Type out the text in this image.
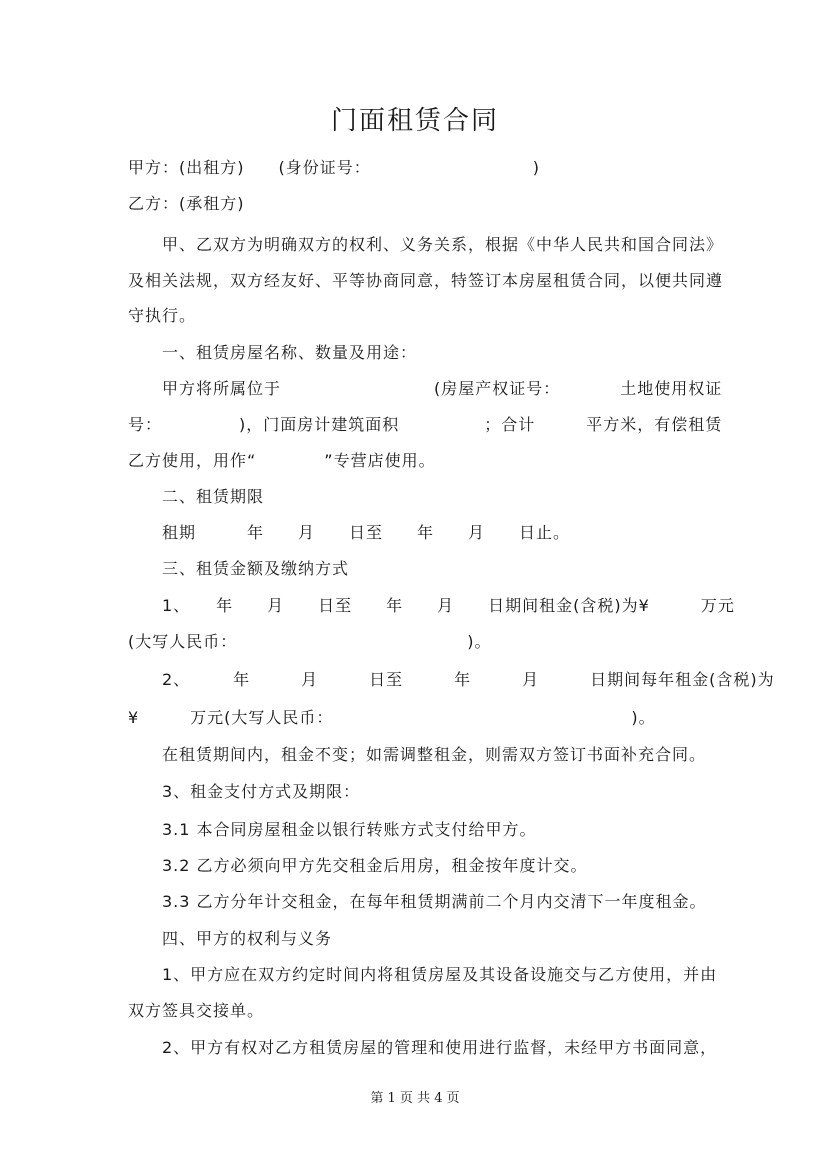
门面租赁合同

甲方：(出租方)　　(身份证号：　　　　　　　　　　)

乙方：(承租方)

　　甲、乙双方为明确双方的权利、义务关系，根据《中华人民共和国合同法》

及相关法规，双方经友好、平等协商同意，特签订本房屋租赁合同，以便共同遵

守执行。

　　一、租赁房屋名称、数量及用途：

　　甲方将所属位于　　　　　　　　　(房屋产权证号：　　　　土地使用权证

号：　　　　　)，门面房计建筑面积　　　　　；合计　　　平方米，有偿租赁

乙方使用，用作“　　　　”专营店使用。

　　二、租赁期限

　　租期　　　年　　月　　日至　　年　　月　　日止。

　　三、租赁金额及缴纳方式

　　1、　　年　　月　　日至　　年　　月　　日期间租金(含税)为¥　　　万元

(大写人民币：　　　　　　　　　　　　　　)。

　　2、　　　年　　　月　　　日至　　　年　　　月　　　日期间每年租金(含税)为

¥　　　万元(大写人民币：　　　　　　　　　　　　　　　　　　)。

　　在租赁期间内，租金不变；如需调整租金，则需双方签订书面补充合同。

　　3、租金支付方式及期限：

　　3.1 本合同房屋租金以银行转账方式支付给甲方。

　　3.2 乙方必须向甲方先交租金后用房，租金按年度计交。

　　3.3 乙方分年计交租金，在每年租赁期满前二个月内交清下一年度租金。

　　四、甲方的权利与义务

　　1、甲方应在双方约定时间内将租赁房屋及其设备设施交与乙方使用，并由

双方签具交接单。

　　2、甲方有权对乙方租赁房屋的管理和使用进行监督，未经甲方书面同意，

第 1 页 共 4 页
